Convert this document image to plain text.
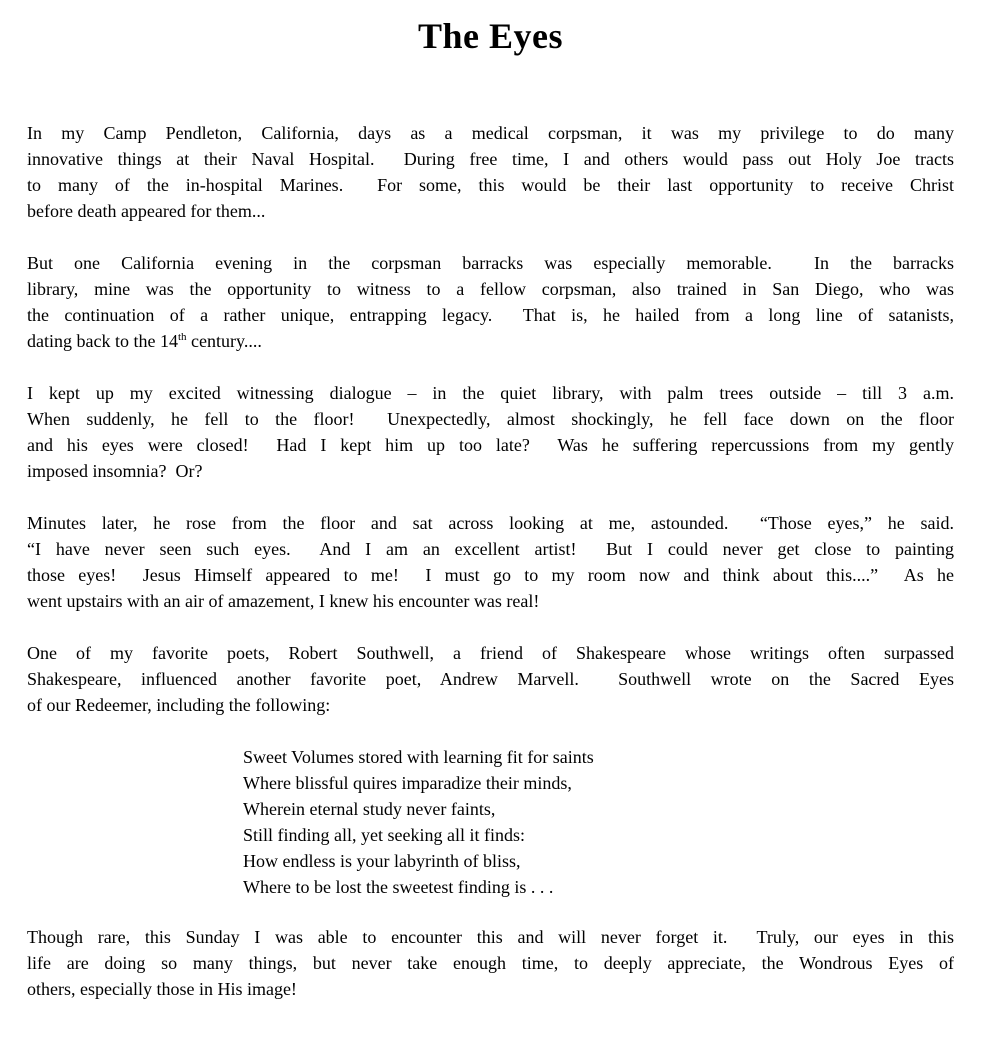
The Eyes
In my Camp Pendleton, California, days as a medical corpsman, it was my privilege to do many
innovative things at their Naval Hospital.  During free time, I and others would pass out Holy Joe tracts
to many of the in-hospital Marines.  For some, this would be their last opportunity to receive Christ
before death appeared for them...
But one California evening in the corpsman barracks was especially memorable.  In the barracks
library, mine was the opportunity to witness to a fellow corpsman, also trained in San Diego, who was
the continuation of a rather unique, entrapping legacy.  That is, he hailed from a long line of satanists,
dating back to the 14th century....
I kept up my excited witnessing dialogue – in the quiet library, with palm trees outside – till 3 a.m.
When suddenly, he fell to the floor!  Unexpectedly, almost shockingly, he fell face down on the floor
and his eyes were closed!  Had I kept him up too late?  Was he suffering repercussions from my gently
imposed insomnia?  Or?
Minutes later, he rose from the floor and sat across looking at me, astounded.  “Those eyes,” he said.
“I have never seen such eyes.  And I am an excellent artist!  But I could never get close to painting
those eyes!  Jesus Himself appeared to me!  I must go to my room now and think about this....”  As he
went upstairs with an air of amazement, I knew his encounter was real!
One of my favorite poets, Robert Southwell, a friend of Shakespeare whose writings often surpassed
Shakespeare, influenced another favorite poet, Andrew Marvell.  Southwell wrote on the Sacred Eyes
of our Redeemer, including the following:
Sweet Volumes stored with learning fit for saints
Where blissful quires imparadize their minds,
Wherein eternal study never faints,
Still finding all, yet seeking all it finds:
How endless is your labyrinth of bliss,
Where to be lost the sweetest finding is . . .
Though rare, this Sunday I was able to encounter this and will never forget it.  Truly, our eyes in this
life are doing so many things, but never take enough time, to deeply appreciate, the Wondrous Eyes of
others, especially those in His image!
